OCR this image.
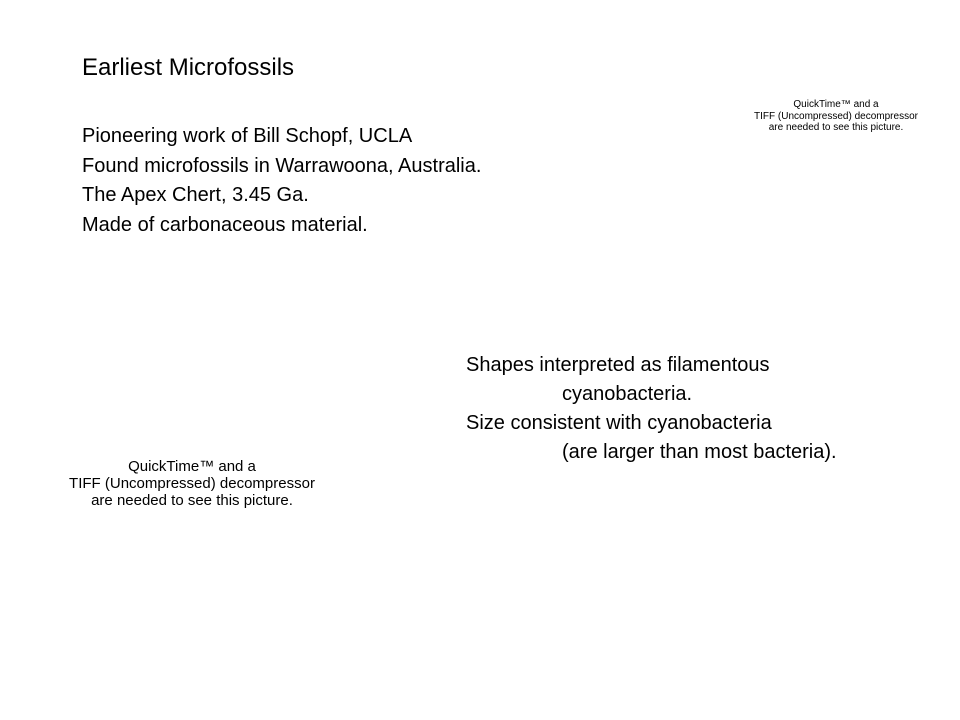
Earliest Microfossils
Pioneering work of Bill Schopf, UCLA
Found microfossils in Warrawoona, Australia.
The Apex Chert, 3.45 Ga.
Made of carbonaceous material.
QuickTime™ and a
TIFF (Uncompressed) decompressor
are needed to see this picture.
Shapes interpreted as filamentous
cyanobacteria.
Size consistent with cyanobacteria
(are larger than most bacteria).
QuickTime™ and a
TIFF (Uncompressed) decompressor
are needed to see this picture.
